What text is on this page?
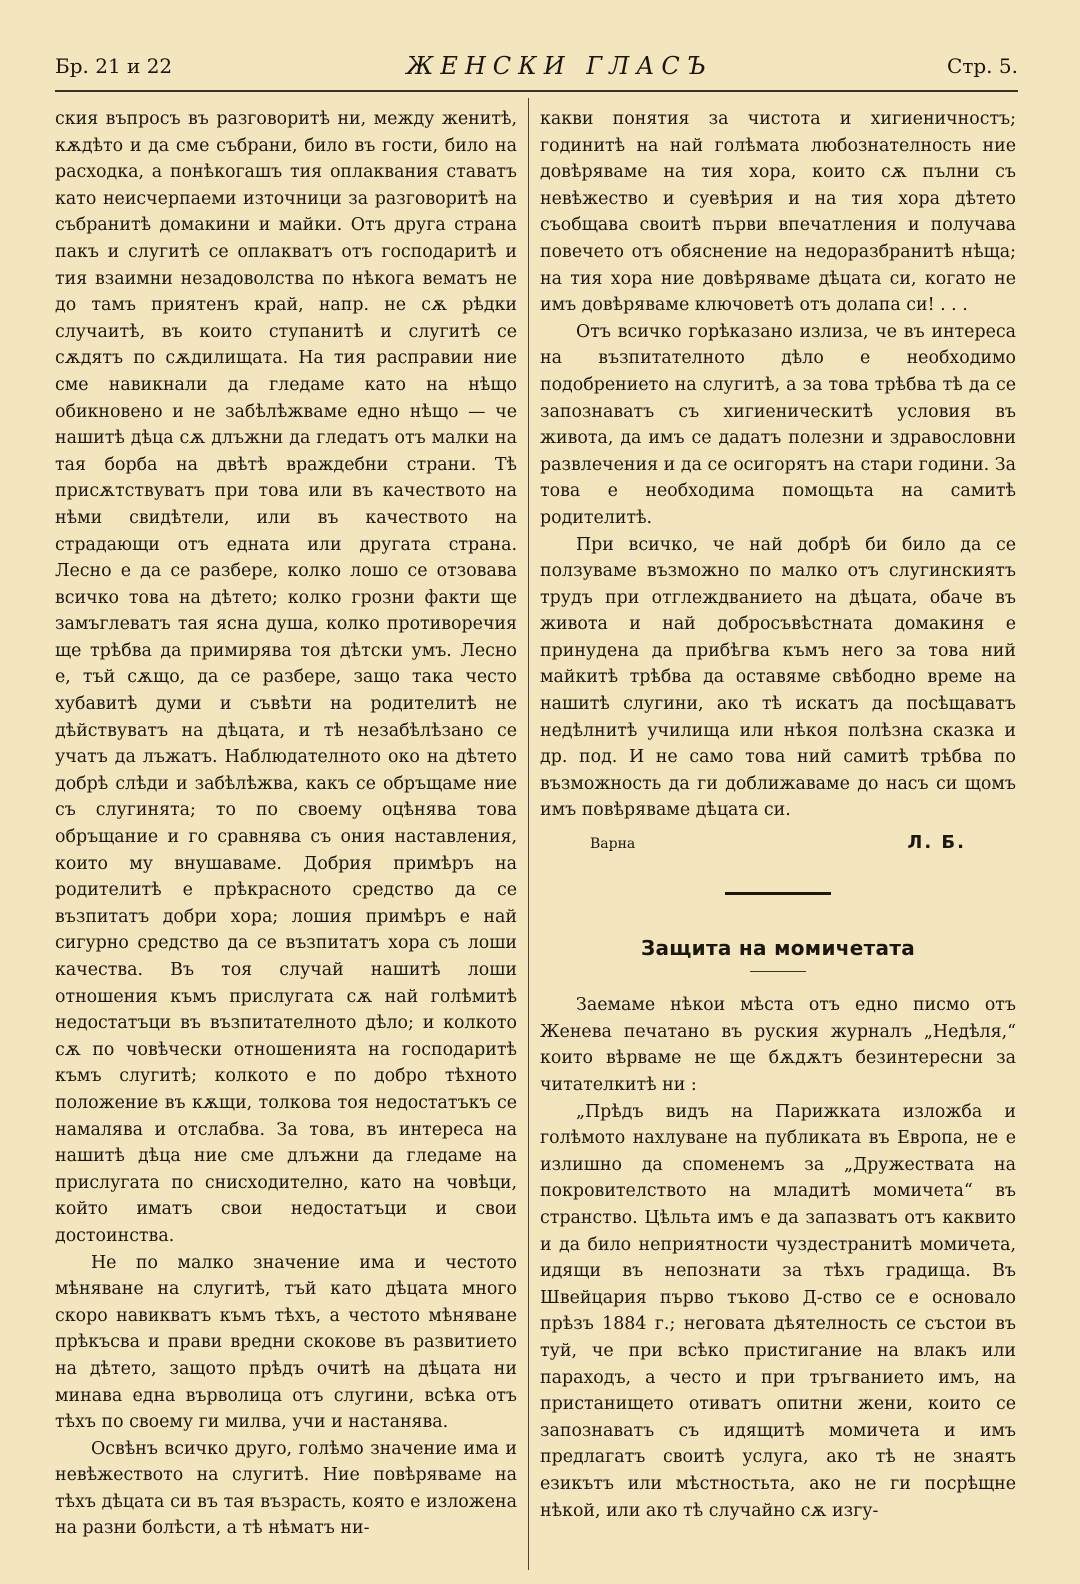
Бр. 21 и 22	ЖЕНСКИ ГЛАСЪ	Стр. 5.

ския въпросъ въ разговоритѣ ни, между женитѣ, кѫдѣто и да сме събрани, било въ гости, било на расходка, а понѣкогашъ тия оплаквания ставатъ като неисчерпаеми източници за разговоритѣ на събранитѣ домакини и майки. Отъ друга страна пакъ и слугитѣ се оплакватъ отъ господаритѣ и тия взаимни незадоволства по нѣкога вематъ не до тамъ приятенъ край, напр. не сѫ рѣдки случаитѣ, въ които ступанитѣ и слугитѣ се сѫдятъ по сѫдилищата. На тия расправии ние сме навикнали да гледаме като на нѣщо обикновено и не забѣлѣжваме едно нѣщо — че нашитѣ дѣца сѫ длъжни да гледатъ отъ малки на тая борба на двѣтѣ враждебни страни. Тѣ присѫтствуватъ при това или въ качеството на нѣми свидѣтели, или въ качеството на страдающи отъ едната или другата страна. Лесно е да се разбере, колко лошо се отзовава всичко това на дѣтето; колко грозни факти ще замъглеватъ тая ясна душа, колко противоречия ще трѣбва да примирява тоя дѣтски умъ. Лесно е, тъй сѫщо, да се разбере, защо така често хубавитѣ думи и съвѣти на родителитѣ не дѣйствуватъ на дѣцата, и тѣ незабѣлѣзано се учатъ да лъжатъ. Наблюдателното око на дѣтето добрѣ слѣди и забѣлѣжва, какъ се обръщаме ние съ слугинята; то по своему оцѣнява това обръщание и го сравнява съ ония наставления, които му внушаваме. Добрия примѣръ на родителитѣ е прѣкрасното средство да се възпитатъ добри хора; лошия примѣръ е най сигурно средство да се възпитатъ хора съ лоши качества. Въ тоя случай нашитѣ лоши отношения къмъ прислугата сѫ най голѣмитѣ недостатъци въ възпитателното дѣло; и колкото сѫ по човѣчески отношенията на господаритѣ къмъ слугитѣ; колкото е по добро тѣхното положение въ кѫщи, толкова тоя недостатъкъ се намалява и отслабва. За това, въ интереса на нашитѣ дѣца ние сме длъжни да гледаме на прислугата по снисходително, като на човѣци, който иматъ свои недостатъци и свои достоинства.

Не по малко значение има и честото мѣняване на слугитѣ, тъй като дѣцата много скоро навикватъ къмъ тѣхъ, а честото мѣняване прѣкъсва и прави вредни скокове въ развитието на дѣтето, защото прѣдъ очитѣ на дѣцата ни минава една върволица отъ слугини, всѣка отъ тѣхъ по своему ги милва, учи и настанява.

Освѣнъ всичко друго, голѣмо значение има и невѣжеството на слугитѣ. Ние повѣряваме на тѣхъ дѣцата си въ тая възрасть, която е изложена на разни болѣсти, а тѣ нѣматъ ни-

какви понятия за чистота и хигиеничностъ; годинитѣ на най голѣмата любознателность ние довѣряваме на тия хора, които сѫ пълни съ невѣжество и суевѣрия и на тия хора дѣтето съобщава своитѣ първи впечатления и получава повечето отъ обяснение на недоразбранитѣ нѣща; на тия хора ние довѣряваме дѣцата си, когато не имъ довѣряваме ключоветѣ отъ долапа си! . . .

Отъ всичко горѣказано излиза, че въ интереса на възпитателното дѣло е необходимо подобрението на слугитѣ, а за това трѣбва тѣ да се запознаватъ съ хигиеническитѣ условия въ живота, да имъ се дадатъ полезни и здравословни развлечения и да се осигорятъ на стари години. За това е необходима помощьта на самитѣ родителитѣ.

При всичко, че най добрѣ би било да се ползуваме възможно по малко отъ слугинскиятъ трудъ при отглеждванието на дѣцата, обаче въ живота и най добросъвѣстната домакиня е принудена да прибѣгва къмъ него за това ний майкитѣ трѣбва да оставяме свѣбодно време на нашитѣ слугини, ако тѣ искатъ да посѣщаватъ недѣлнитѣ училища или нѣкоя полѣзна сказка и др. под. И не само това ний самитѣ трѣбва по възможность да ги доближаваме до насъ си щомъ имъ повѣряваме дѣцата си.

Варна	Л. Б.
Защита на момичетата

Заемаме нѣкои мѣста отъ едно писмо отъ Женева печатано въ руския журналъ „Недѣля,“ които вѣрваме не ще бѫдѫтъ безинтересни за читателкитѣ ни :

„Прѣдъ видъ на Парижката изложба и голѣмото нахлуване на публиката въ Европа, не е излишно да споменемъ за „Дружествата на покровителството на младитѣ момичета“ въ странство. Цѣльта имъ е да запазватъ отъ каквито и да било неприятности чуздестранитѣ момичета, идящи въ непознати за тѣхъ градища. Въ Швейцария първо тъково Д-ство се е основало прѣзъ 1884 г.; неговата дѣятелность се състои въ туй, че при всѣко пристигание на влакъ или параходъ, а често и при тръгванието имъ, на пристанището отиватъ опитни жени, които се запознаватъ съ идящитѣ момичета и имъ предлагатъ своитѣ услуга, ако тѣ не знаятъ езикътъ или мѣстностьта, ако не ги посрѣщне нѣкой, или ако тѣ случайно сѫ изгу-
